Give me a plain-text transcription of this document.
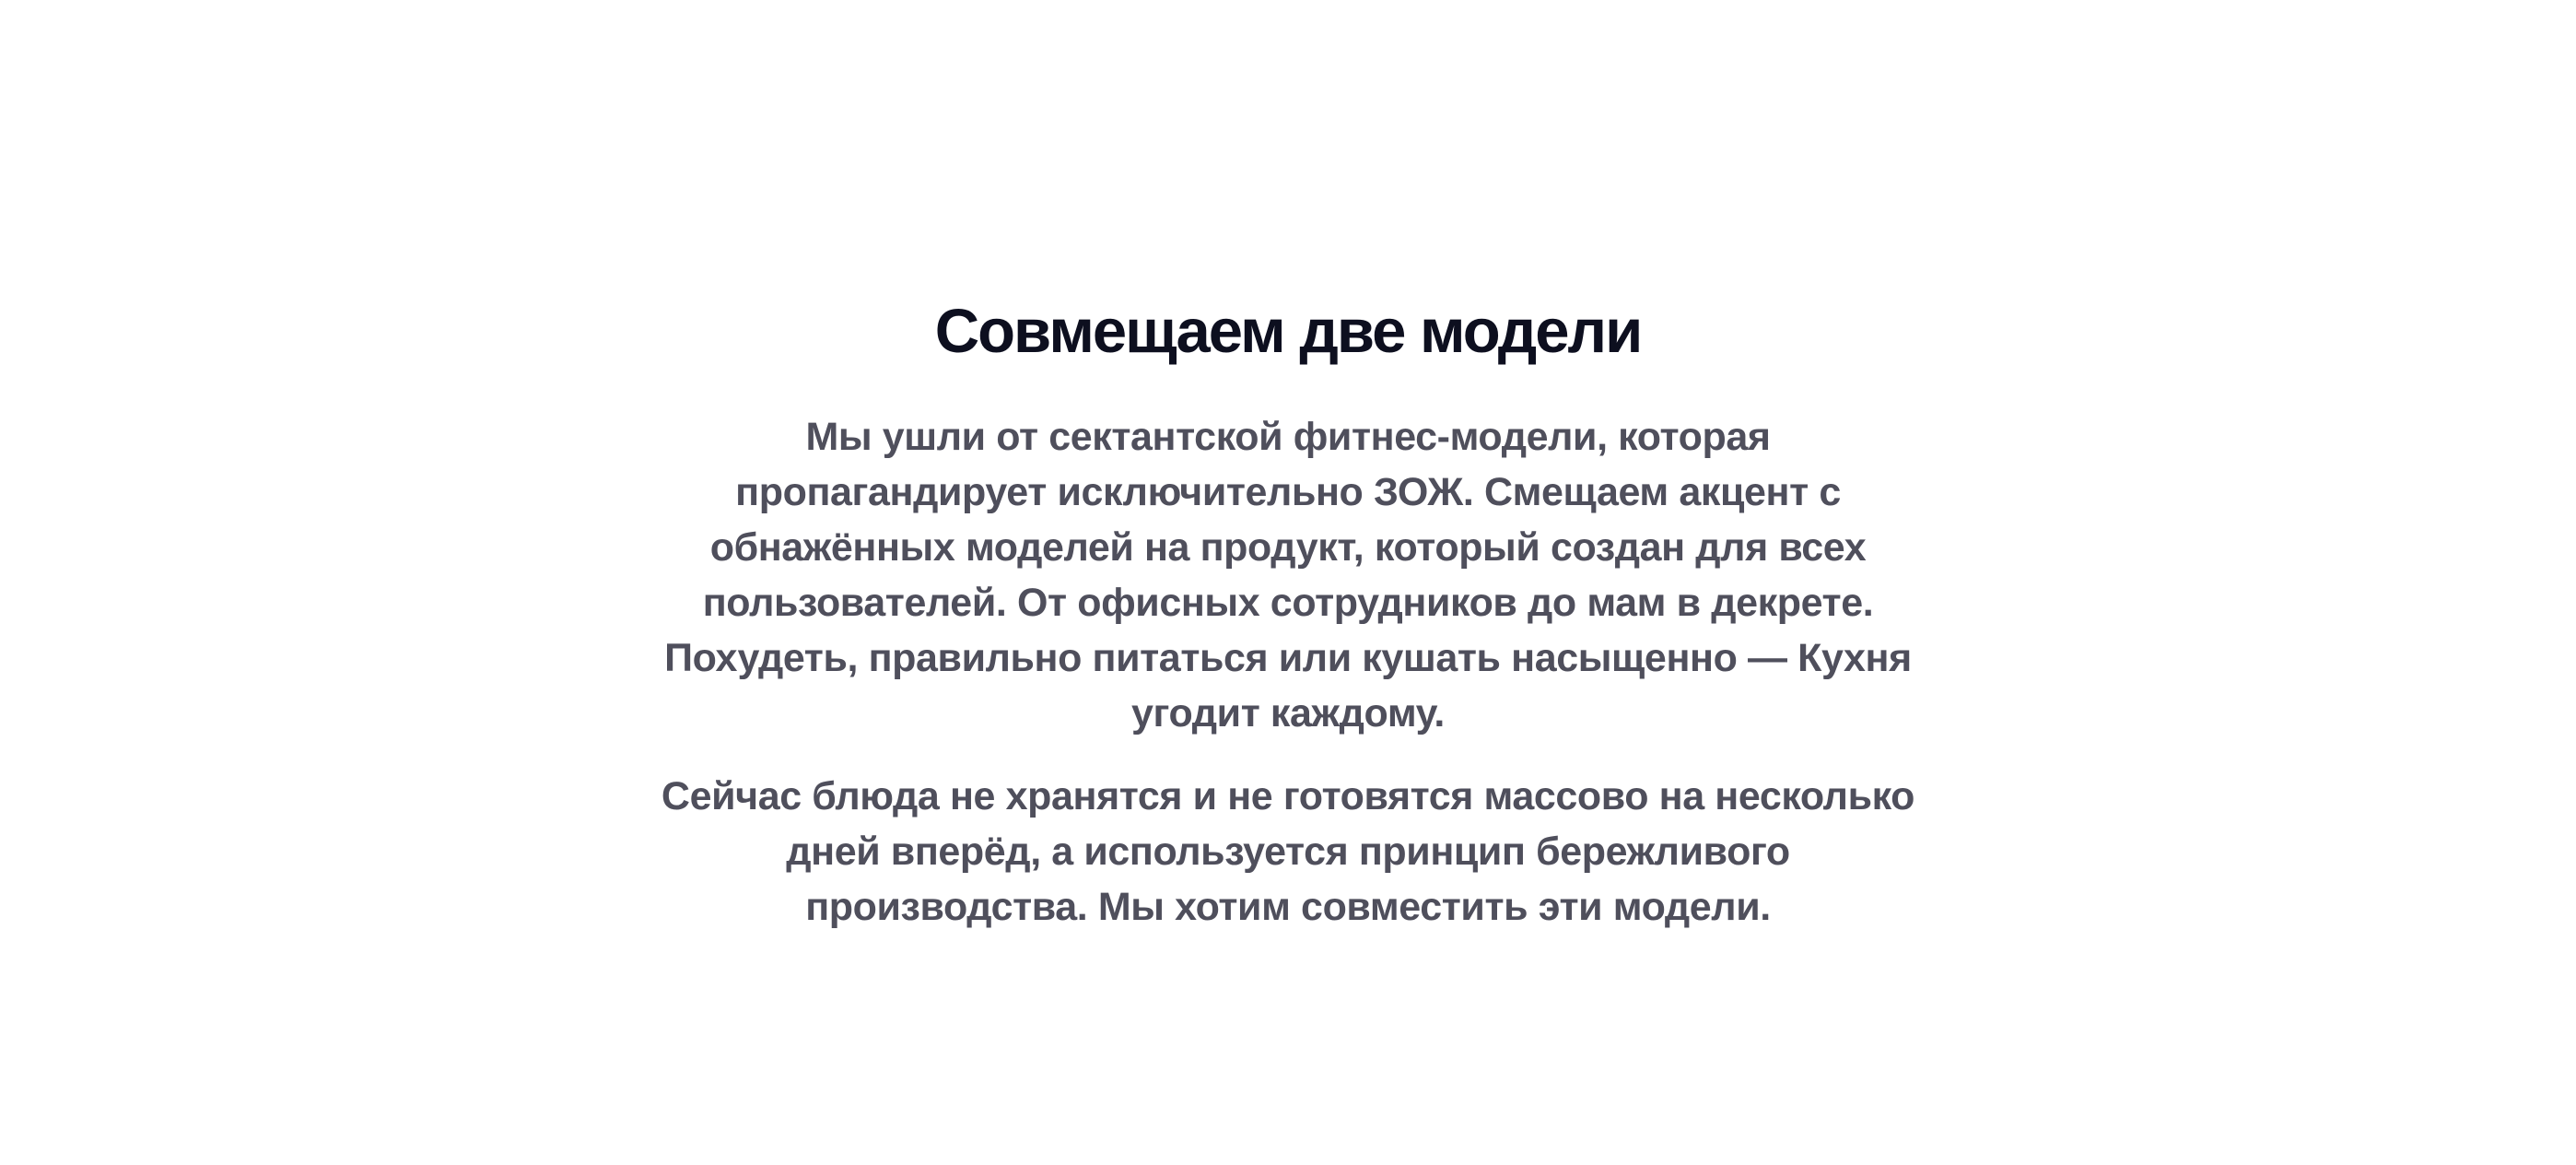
Совмещаем две модели

Мы ушли от сектантской фитнес-модели, которая пропагандирует исключительно ЗОЖ. Смещаем акцент с обнажённых моделей на продукт, который создан для всех пользователей. От офисных сотрудников до мам в декрете. Похудеть, правильно питаться или кушать насыщенно — Кухня угодит каждому.

Сейчас блюда не хранятся и не готовятся массово на несколько дней вперёд, а используется принцип бережливого производства. Мы хотим совместить эти модели.
